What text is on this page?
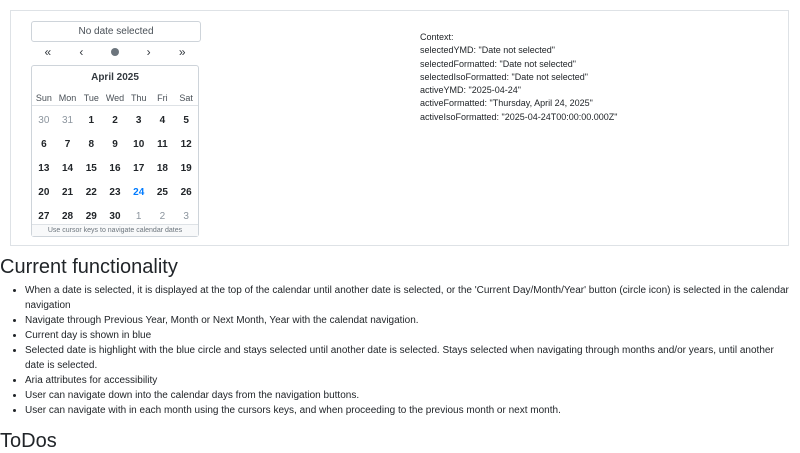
No date selected
«	‹	›	»
April 2025
Sun Mon Tue Wed Thu	Fri	Sat
30	31	1	2	3	4	5
6	7	8	9	10	11	12
13	14	15	16	17	18	19
20	21	22	23	24	25	26
27	28	29	30	1	2	3
Use cursor keys to navigate calendar dates
Context:
selectedYMD: "Date not selected"
selectedFormatted: "Date not selected"
selectedIsoFormatted: "Date not selected"
activeYMD: "2025-04-24"
activeFormatted: "Thursday, April 24, 2025"
activeIsoFormatted: "2025-04-24T00:00:00.000Z"
Current functionality
• When a date is selected, it is displayed at the top of the calendar until another date is selected, or the 'Current Day/Month/Year' button (circle icon) is selected in the calendar navigation
• Navigate through Previous Year, Month or Next Month, Year with the calendat navigation.
• Current day is shown in blue
• Selected date is highlight with the blue circle and stays selected until another date is selected. Stays selected when navigating through months and/or years, until another date is selected.
• Aria attributes for accessibility
• User can navigate down into the calendar days from the navigation buttons.
• User can navigate with in each month using the cursors keys, and when proceeding to the previous month or next month.
ToDos
